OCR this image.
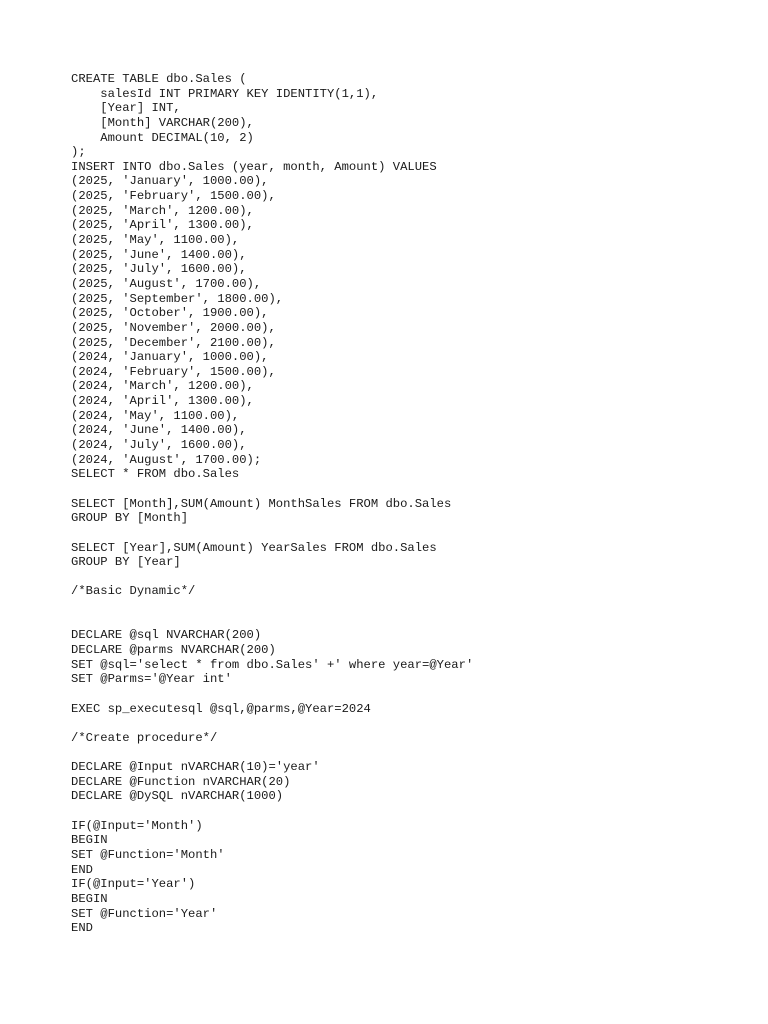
CREATE TABLE dbo.Sales (
salesId INT PRIMARY KEY IDENTITY(1,1),
[Year] INT,
[Month] VARCHAR(200),
Amount DECIMAL(10, 2)
);
INSERT INTO dbo.Sales (year, month, Amount) VALUES
(2025, 'January', 1000.00),
(2025, 'February', 1500.00),
(2025, 'March', 1200.00),
(2025, 'April', 1300.00),
(2025, 'May', 1100.00),
(2025, 'June', 1400.00),
(2025, 'July', 1600.00),
(2025, 'August', 1700.00),
(2025, 'September', 1800.00),
(2025, 'October', 1900.00),
(2025, 'November', 2000.00),
(2025, 'December', 2100.00),
(2024, 'January', 1000.00),
(2024, 'February', 1500.00),
(2024, 'March', 1200.00),
(2024, 'April', 1300.00),
(2024, 'May', 1100.00),
(2024, 'June', 1400.00),
(2024, 'July', 1600.00),
(2024, 'August', 1700.00);
SELECT * FROM dbo.Sales
SELECT [Month],SUM(Amount) MonthSales FROM dbo.Sales
GROUP BY [Month]
SELECT [Year],SUM(Amount) YearSales FROM dbo.Sales
GROUP BY [Year]
/*Basic Dynamic*/
DECLARE @sql NVARCHAR(200)
DECLARE @parms NVARCHAR(200)
SET @sql='select * from dbo.Sales' +' where year=@Year'
SET @Parms='@Year int'
EXEC sp_executesql @sql,@parms,@Year=2024
/*Create procedure*/
DECLARE @Input nVARCHAR(10)='year'
DECLARE @Function nVARCHAR(20)
DECLARE @DySQL nVARCHAR(1000)
IF(@Input='Month')
BEGIN
SET @Function='Month'
END
IF(@Input='Year')
BEGIN
SET @Function='Year'
END
